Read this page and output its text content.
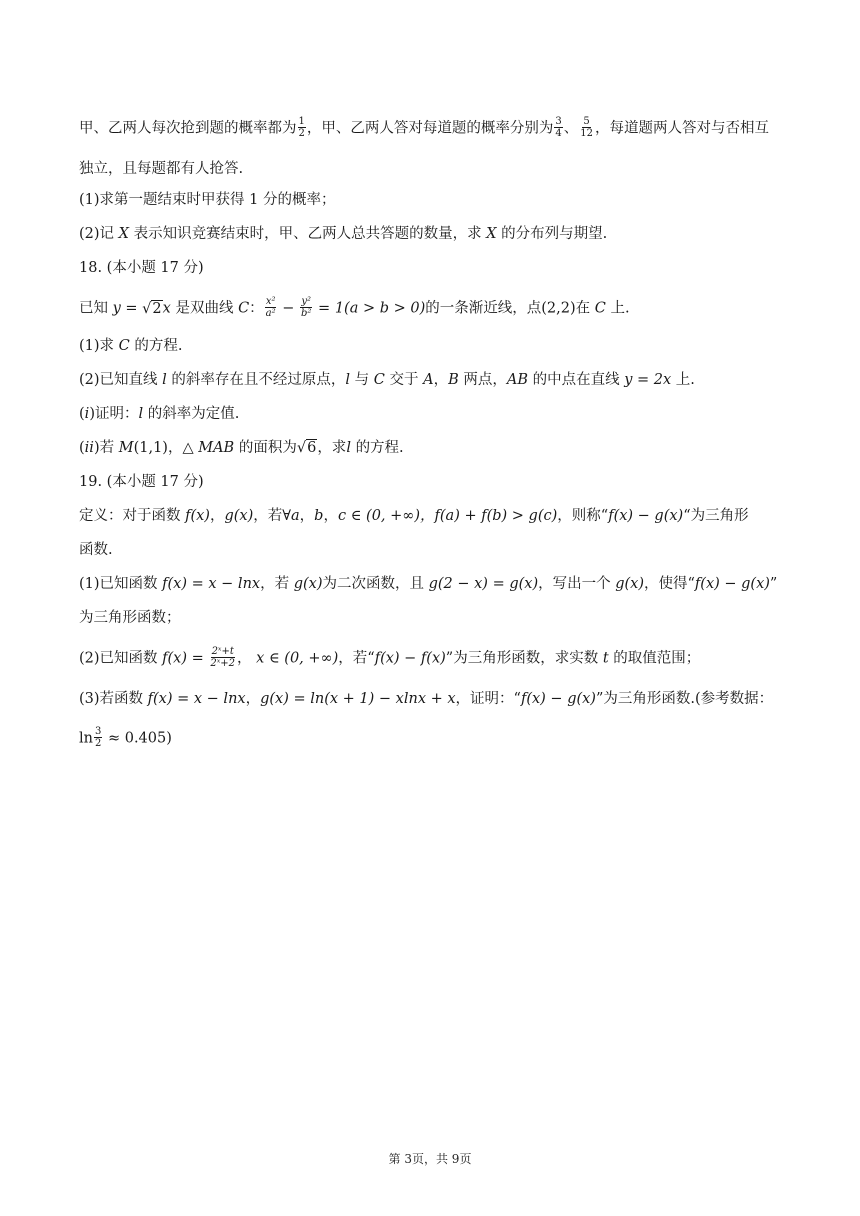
甲、乙两人每次抢到题的概率都为 $\frac{1}{2}$ ，甲、乙两人答对每道题的概率分别为 $\frac{3}{4}$ 、 $\frac{5}{12}$ ，每道题两人答对与否相互
独立，且每题都有人抢答.
(1)求第一题结束时甲获得 1 分的概率；
(2)记 X 表示知识竞赛结束时，甲、乙两人总共答题的数量，求 X 的分布列与期望.
18. (本小题 17 分)
已知 y = √2x 是双曲线 C： $\frac{\text{x²}}{\text{a²}} - \frac{\text{y²}}{\text{b²}} = 1(a > b > 0)$的一条渐近线，点(2,2)在 C 上.
(1)求 C 的方程.
(2)已知直线 l 的斜率存在且不经过原点，l 与 C 交于 A，B 两点，AB 的中点在直线 y = 2x 上.
(i)证明：l 的斜率为定值.
(ii)若 M(1,1)，△ MAB 的面积为√6，求l 的方程.
19. (本小题 17 分)
定义：对于函数 f(x)，g(x)，若∀a，b，c ∈ (0, +∞)，f(a) + f(b) > g(c)，则称“f(x) − g(x)“为三角形
函数.
(1)已知函数 f(x) = x − lnx，若 g(x)为二次函数，且 g(2 − x) = g(x)，写出一个 g(x)，使得“f(x) − g(x)”
为三角形函数；
(2)已知函数 $f(x) = \frac{\text{2ˣ+t}}{\text{2ˣ+2}}$ ， x ∈ (0, +∞)，若“f(x) − f(x)”为三角形函数，求实数 t 的取值范围；
(3)若函数 f(x) = x − lnx，g(x) = ln(x + 1) − xlnx + x，证明：“f(x) − g(x)”为三角形函数.(参考数据：
$\ln \frac{3}{2} \approx 0.405$)
第 3页，共 9页
